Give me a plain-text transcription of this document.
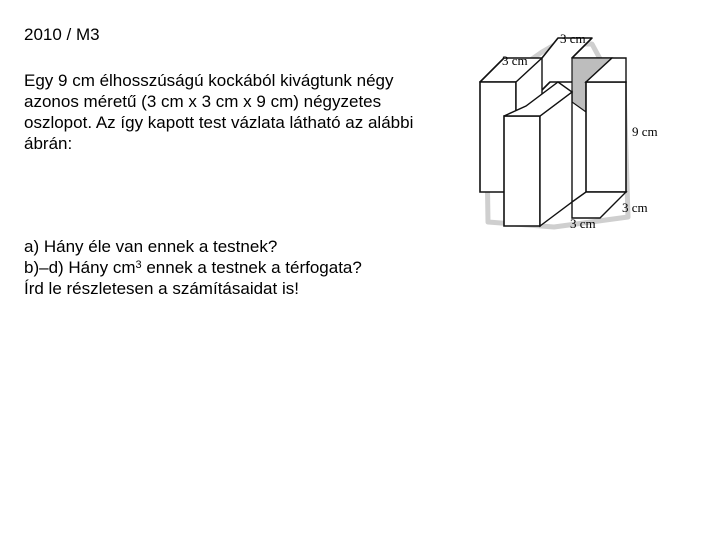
2010 / M3
Egy 9 cm élhosszúságú kockából kivágtunk négy azonos méretű (3 cm x 3 cm x 9 cm) négyzetes oszlopot. Az így kapott test vázlata látható az alábbi ábrán:

a) Hány éle van ennek a testnek?

b)–d) Hány $cm^3$ ennek a testnek a térfogata?

Írd le részletesen a számításaidat is!

3 cm
3 cm
9 cm
3 cm
3 cm
